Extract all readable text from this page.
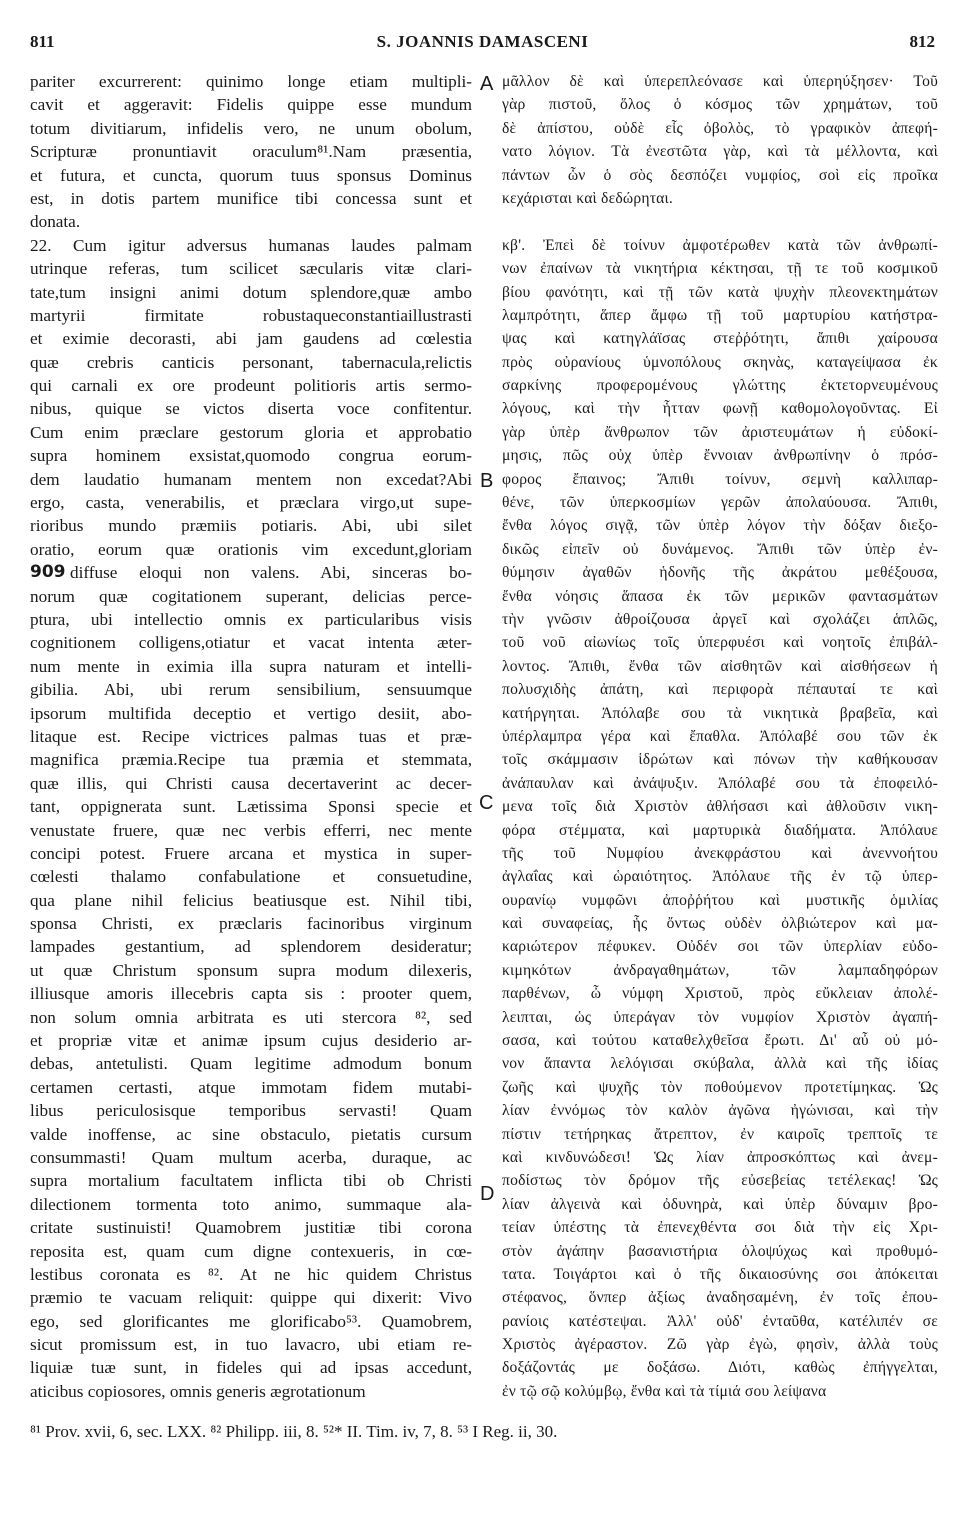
811	S. JOANNIS DAMASCENI	812
pariter excurrerent: quinimo longe etiam multipli-
cavit et aggeravit: Fidelis quippe esse mundum
totum divitiarum, infidelis vero, ne unum obolum,
Scripturæ pronuntiavit oraculum⁸¹.Nam præsentia,
et futura, et cuncta, quorum tuus sponsus Dominus
est, in dotis partem munifice tibi concessa sunt et
donata.
22. Cum igitur adversus humanas laudes palmam
utrinque referas, tum scilicet sæcularis vitæ clari-
tate,tum insigni animi dotum splendore,quæ ambo
martyrii firmitate robustaqueconstantiaillustrasti
et eximie decorasti, abi jam gaudens ad cœlestia
quæ crebris canticis personant, tabernacula,relictis
qui carnali ex ore prodeunt politioris artis sermo-
nibus, quique se victos diserta voce confitentur.
Cum enim præclare gestorum gloria et approbatio
supra hominem exsistat,quomodo congrua eorum-
dem laudatio humanam mentem non excedat?Abi
ergo, casta, venerabilis, et præclara virgo,ut supe-
rioribus mundo præmiis potiaris. Abi, ubi silet
oratio, eorum quæ orationis vim excedunt,gloriam
diffuse eloqui non valens. Abi, sinceras bo-
norum quæ cogitationem superant, delicias perce-
ptura, ubi intellectio omnis ex particularibus visis
cognitionem colligens,otiatur et vacat intenta æter-
num mente in eximia illa supra naturam et intelli-
gibilia. Abi, ubi rerum sensibilium, sensuumque
ipsorum multifida deceptio et vertigo desiit, abo-
litaque est. Recipe victrices palmas tuas et præ-
magnifica præmia.Recipe tua præmia et stemmata,
quæ illis, qui Christi causa decertaverint ac decer-
tant, oppignerata sunt. Lætissima Sponsi specie et
venustate fruere, quæ nec verbis efferri, nec mente
concipi potest. Fruere arcana et mystica in super-
cœlesti thalamo confabulatione et consuetudine,
qua plane nihil felicius beatiusque est. Nihil tibi,
sponsa Christi, ex præclaris facinoribus virginum
lampades gestantium, ad splendorem desideratur;
ut quæ Christum sponsum supra modum dilexeris,
illiusque amoris illecebris capta sis : prooter quem,
non solum omnia arbitrata es uti stercora ⁸², sed
et propriæ vitæ et animæ ipsum cujus desiderio ar-
debas, antetulisti. Quam legitime admodum bonum
certamen certasti, atque immotam fidem mutabi-
libus periculosisque temporibus servasti! Quam
valde inoffense, ac sine obstaculo, pietatis cursum
consummasti! Quam multum acerba, duraque, ac
supra mortalium facultatem inflicta tibi ob Christi
dilectionem tormenta toto animo, summaque ala-
critate sustinuisti! Quamobrem justitiæ tibi corona
reposita est, quam cum digne contexueris, in cœ-
lestibus coronata es ⁸². At ne hic quidem Christus
præmio te vacuam reliquit: quippe qui dixerit: Vivo
ego, sed glorificantes me glorificabo⁵³. Quamobrem,
sicut promissum est, in tuo lavacro, ubi etiam re-
liquiæ tuæ sunt, in fideles qui ad ipsas accedunt,
aticibus copiosores, omnis generis ægrotationum
μᾶλλον δὲ καὶ ὑπερεπλεόνασε καὶ ὑπερηύξησεν· Τοῦ
γὰρ πιστοῦ, ὅλος ὁ κόσμος τῶν χρημάτων, τοῦ
δὲ ἀπίστου, οὐδὲ εἷς ὀβολὸς, τὸ γραφικὸν ἀπεφή-
νατο λόγιον. Τὰ ἐνεστῶτα γὰρ, καὶ τὰ μέλλοντα, καὶ
πάντων ὧν ὁ σὸς δεσπόζει νυμφίος, σοὶ εἰς προῖκα
κεχάρισται καὶ δεδώρηται.
κβ'. Ἐπεὶ δὲ τοίνυν ἀμφοτέρωθεν κατὰ τῶν ἀνθρωπί-
νων ἐπαίνων τὰ νικητήρια κέκτησαι, τῇ τε τοῦ κοσμικοῦ
βίου φανότητι, καὶ τῇ τῶν κατὰ ψυχὴν πλεονεκτημάτων
λαμπρότητι, ἅπερ ἄμφω τῇ τοῦ μαρτυρίου κατήστρα-
ψας καὶ κατηγλάϊσας στεῤῥότητι, ἄπιθι χαίρουσα
πρὸς οὐρανίους ὑμνοπόλους σκηνὰς, καταγείψασα ἐκ
σαρκίνης προφερομένους γλώττης ἐκτετορνευμένους
λόγους, καὶ τὴν ἧτταν φωνῇ καθομολογοῦντας. Εἰ
γὰρ ὑπὲρ ἄνθρωπον τῶν ἀριστευμάτων ἡ εὐδοκί-
μησις, πῶς οὐχ ὑπὲρ ἔννοιαν ἀνθρωπίνην ὁ πρόσ-
φορος ἔπαινος; Ἄπιθι τοίνυν, σεμνὴ καλλιπαρ-
θένε, τῶν ὑπερκοσμίων γερῶν ἀπολαύουσα. Ἄπιθι,
ἔνθα λόγος σιγᾷ, τῶν ὑπὲρ λόγον τὴν δόξαν διεξο-
δικῶς εἰπεῖν οὐ δυνάμενος. Ἄπιθι τῶν ὑπὲρ ἐν-
θύμησιν ἀγαθῶν ἡδονῆς τῆς ἀκράτου μεθέξουσα,
ἔνθα νόησις ἅπασα ἐκ τῶν μερικῶν φαντασμάτων
τὴν γνῶσιν ἀθροίζουσα ἀργεῖ καὶ σχολάζει ἁπλῶς,
τοῦ νοῦ αἰωνίως τοῖς ὑπερφυέσι καὶ νοητοῖς ἐπιβάλ-
λοντος. Ἄπιθι, ἔνθα τῶν αἰσθητῶν καὶ αἰσθήσεων ἡ
πολυσχιδὴς ἀπάτη, καὶ περιφορὰ πέπαυταί τε καὶ
κατήργηται. Ἀπόλαβε σου τὰ νικητικὰ βραβεῖα, καὶ
ὑπέρλαμπρα γέρα καὶ ἔπαθλα. Ἀπόλαβέ σου τῶν ἐκ
τοῖς σκάμμασιν ἱδρώτων καὶ πόνων τὴν καθήκουσαν
ἀνάπαυλαν καὶ ἀνάψυξιν. Ἀπόλαβέ σου τὰ ἐποφειλό-
μενα τοῖς διὰ Χριστὸν ἀθλήσασι καὶ ἀθλοῦσιν νικη-
φόρα στέμματα, καὶ μαρτυρικὰ διαδήματα. Ἀπόλαυε
τῆς τοῦ Νυμφίου ἀνεκφράστου καὶ ἀνεννοήτου
ἀγλαΐας καὶ ὡραιότητος. Ἀπόλαυε τῆς ἐν τῷ ὑπερ-
ουρανίῳ νυμφῶνι ἀποῤῥήτου καὶ μυστικῆς ὁμιλίας
καὶ συναφείας, ἧς ὄντως οὐδὲν ὀλβιώτερον καὶ μα-
καριώτερον πέφυκεν. Οὐδέν σοι τῶν ὑπερλίαν εὐδο-
κιμηκότων ἀνδραγαθημάτων, τῶν λαμπαδηφόρων
παρθένων, ὦ νύμφη Χριστοῦ, πρὸς εὔκλειαν ἀπολέ-
λειπται, ὡς ὑπεράγαν τὸν νυμφίον Χριστὸν ἀγαπή-
σασα, καὶ τούτου καταθελχθεῖσα ἔρωτι. Δι' αὖ οὐ μό-
νον ἅπαντα λελόγισαι σκύβαλα, ἀλλὰ καὶ τῆς ἰδίας
ζωῆς καὶ ψυχῆς τὸν ποθούμενον προτετίμηκας. Ὡς
λίαν ἐννόμως τὸν καλὸν ἀγῶνα ἠγώνισαι, καὶ τὴν
πίστιν τετήρηκας ἄτρεπτον, ἐν καιροῖς τρεπτοῖς τε
καὶ κινδυνώδεσι! Ὡς λίαν ἀπροσκόπτως καὶ ἀνεμ-
ποδίστως τὸν δρόμον τῆς εὐσεβείας τετέλεκας! Ὡς
λίαν ἀλγεινὰ καὶ ὀδυνηρὰ, καὶ ὑπὲρ δύναμιν βρο-
τείαν ὑπέστης τὰ ἐπενεχθέντα σοι διὰ τὴν εἰς Χρι-
στὸν ἀγάπην βασανιστήρια ὁλοψύχως καὶ προθυμό-
τατα. Τοιγάρτοι καὶ ὁ τῆς δικαιοσύνης σοι ἀπόκειται
στέφανος, ὅνπερ ἀξίως ἀναδησαμένη, ἐν τοῖς ἐπου-
ρανίοις κατέστεψαι. Ἀλλ' οὐδ' ἐνταῦθα, κατέλιπέν σε
Χριστὸς ἀγέραστον. Ζῶ γὰρ ἐγὼ, φησὶν, ἀλλὰ τοὺς
δοξάζοντάς με δοξάσω. Διότι, καθὼς ἐπήγγελται,
ἐν τῷ σῷ κολύμβῳ, ἔνθα καὶ τὰ τίμιά σου λείψανα
A
B
C
D
909
⁸¹ Prov. xvii, 6, sec. LXX. ⁸² Philipp. iii, 8. ⁵²* II. Tim. iv, 7, 8. ⁵³ I Reg. ii, 30.
